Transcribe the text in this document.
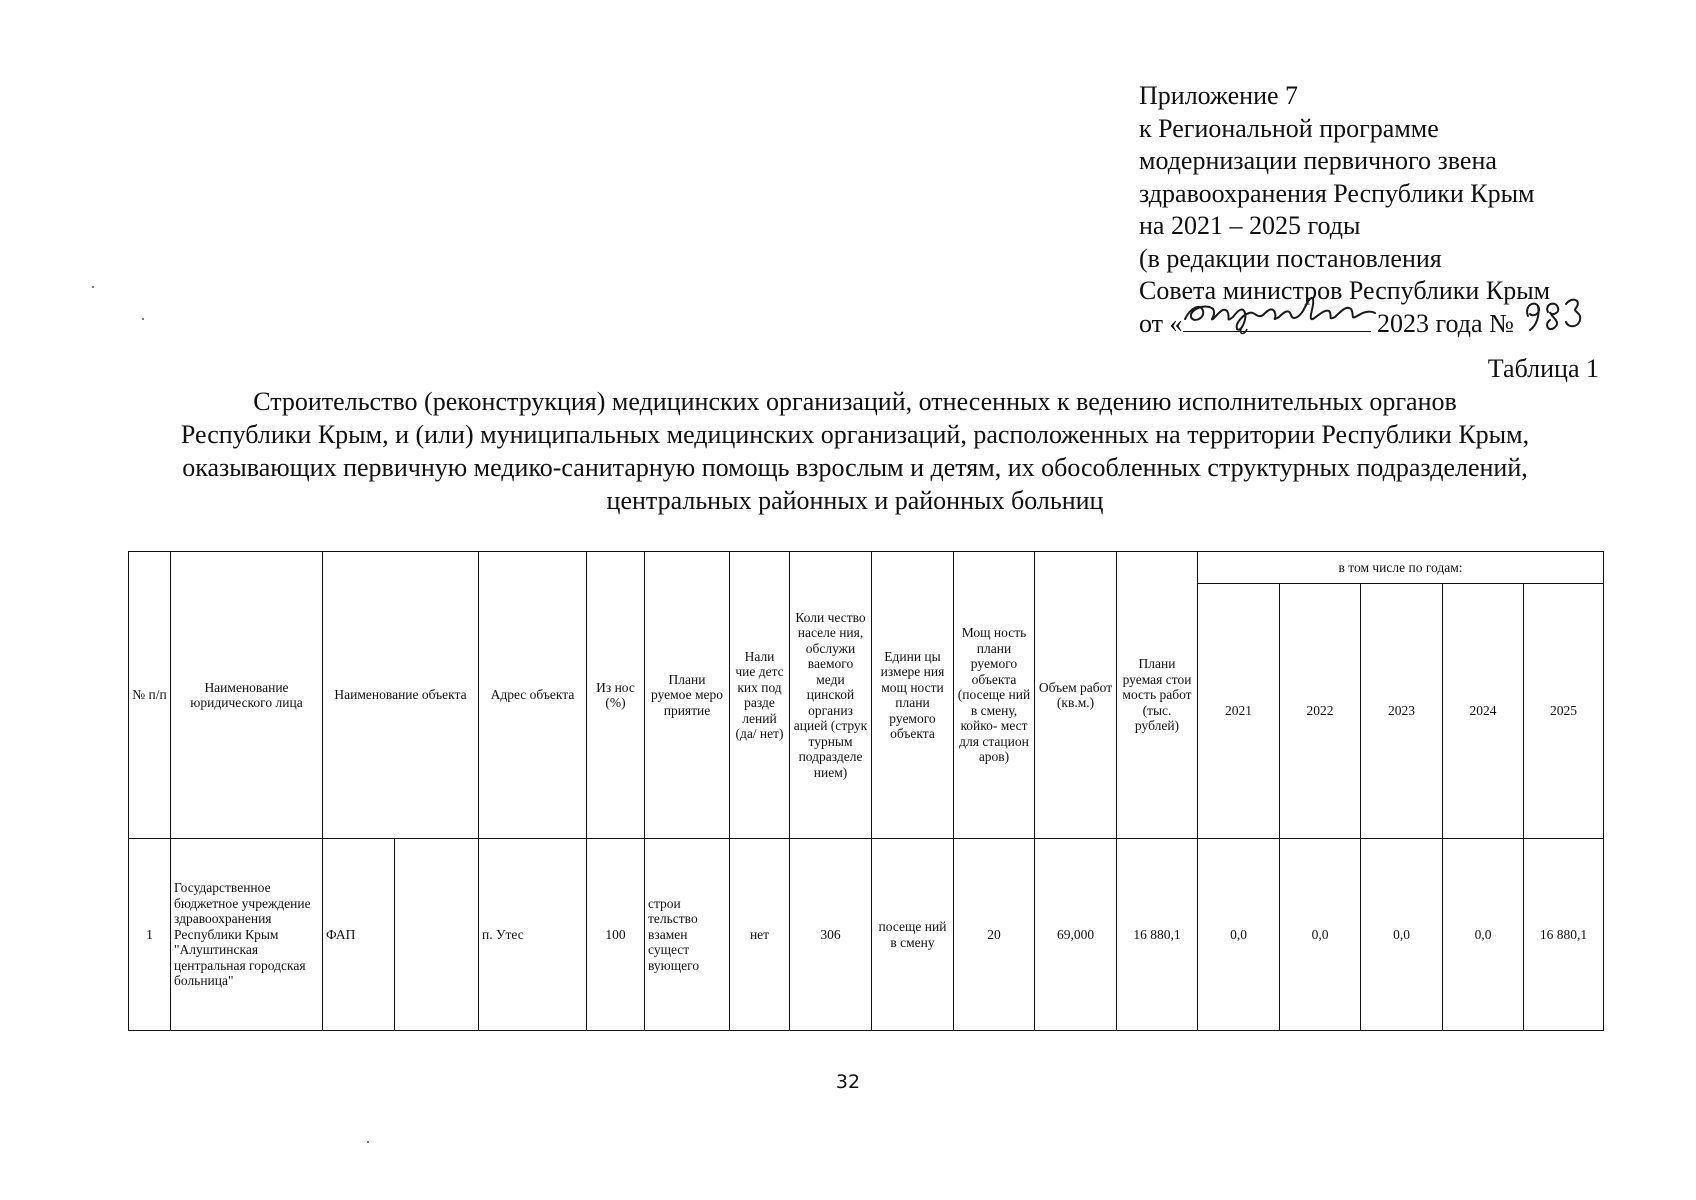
Приложение 7
к Региональной программе
модернизации первичного звена
здравоохранения Республики Крым
на 2021 – 2025 годы
(в редакции постановления
Совета министров Республики Крым
от «	2023 года №

Таблица 1

Строительство (реконструкция) медицинских организаций, отнесенных к ведению исполнительных органов
Республики Крым, и (или) муниципальных медицинских организаций, расположенных на территории Республики Крым,
оказывающих первичную медико-санитарную помощь взрослым и детям, их обособленных структурных подразделений,
центральных районных и районных больниц
№ п/п	Наименование юридического лица	Наименование объекта		Адрес объекта	Из нос (%)	Плани руемое меро приятие	Нали чие детс ких под разде лений (да/ нет)	Коли чество населе ния, обслужи ваемого меди цинской организ ацией (струк турным подразделе нием)	Едини цы измере ния мощ ности плани руемого объекта	Мощ ность плани руемого объекта (посеще ний в смену, койко- мест для стацион аров)	Объем работ (кв.м.)	Плани руемая стои мость работ (тыс. рублей)	в том числе по годам:				
													2021	2022	2023	2024	2025
1	Государственное бюджетное учреждение здравоохранения Республики Крым "Алуштинская центральная городская больница"	ФАП		п. Утес	100	строи тельство взамен сущест вующего	нет	306	посеще ний в смену	20	69,000	16 880,1	0,0	0,0	0,0	0,0	16 880,1

32
